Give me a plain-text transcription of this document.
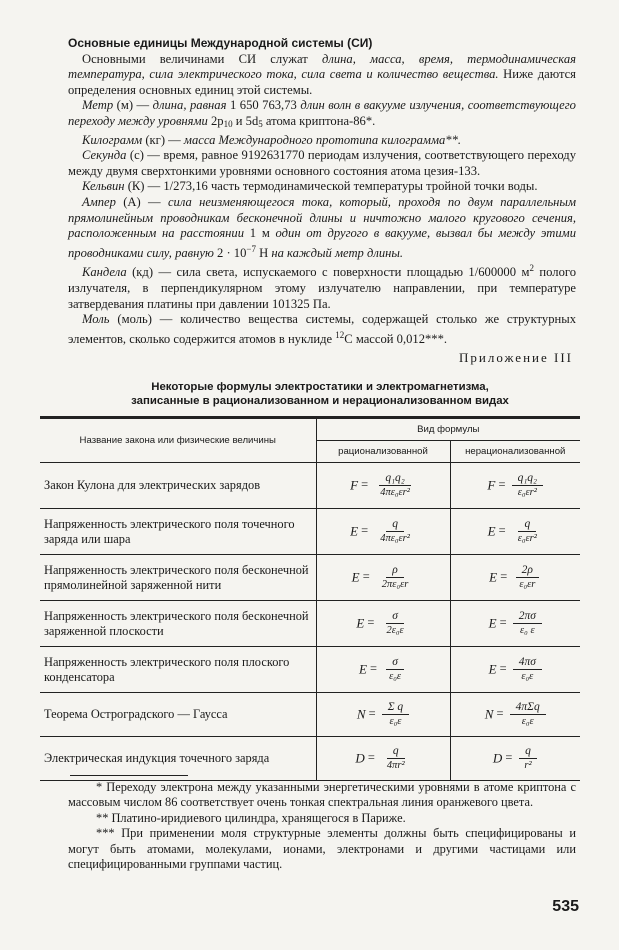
Основные единицы Международной системы (СИ)

Основными величинами СИ служат длина, масса, время, термодинамическая температура, сила электрического тока, сила света и количество вещества. Ниже даются определения основных единиц этой системы.

Метр (м) — длина, равная 1 650 763,73 длин волн в вакууме излучения, соответствующего переходу между уровнями $2p_{10}$ и $5d_5$ атома криптона-86*.

Килограмм (кг) — масса Международного прототипа килограмма**.

Секунда (с) — время, равное 9192631770 периодам излучения, соответствующего переходу между двумя сверхтонкими уровнями основного состояния атома цезия-133.

Кельвин (К) — 1/273,16 часть термодинамической температуры тройной точки воды.

Ампер (А) — сила неизменяющегося тока, который, проходя по двум параллельным прямолинейным проводникам бесконечной длины и ничтожно малого кругового сечения, расположенным на расстоянии 1 м один от другого в вакууме, вызвал бы между этими проводниками силу, равную $2 \cdot 10^{-7}$ Н на каждый метр длины.

Кандела (кд) — сила света, испускаемого с поверхности площадью 1/600000 $м^2$ полого излучателя, в перпендикулярном этому излучателю направлении, при температуре затвердевания платины при давлении 101325 Па.

Моль (моль) — количество вещества системы, содержащей столько же структурных элементов, сколько содержится атомов в нуклиде $^{12}$C массой 0,012***.

Приложение III
Некоторые формулы электростатики и электромагнетизма,
записанные в рационализованном и нерационализованном видах
Название закона или физические величины	Вид формулы	
	рационализованной	нерационализованной
Закон Кулона для электрических зарядов	$F = \frac{\text{q₁q₂}}{\text{4πε₀εr²}}$	$F = \frac{\text{q₁q₂}}{\text{ε₀εr²}}$

Напряженность электрического поля точечного заряда или шара	$E = \frac{q}{\text{4πε₀εr²}}$	$E = \frac{q}{\text{ε₀εr²}}$

Напряженность электрического поля бесконечной прямолинейной заряженной нити	$E = \frac{\rho}{\text{2πε₀εr}}$	$E = \frac{2\rho}{\text{ε₀εr}}$

Напряженность электрического поля бесконечной заряженной плоскости	$E = \frac{\sigma}{\text{2ε₀ε}}$	$E = \frac{2\pi\sigma}{\text{ε₀ ε}}$

Напряженность электрического поля плоского конденсатора	$E = \frac{\sigma}{\text{ε₀ε}}$	$E = \frac{4\pi\sigma}{\text{ε₀ε}}$

Теорема Остроградского — Гаусса	$N = \frac{\text{Σ q}}{\text{ε₀ε}}$	$N = \frac{\text{4πΣq}}{\text{ε₀ε}}$

Электрическая индукция точечного заряда	$D = \frac{q}{\text{4πr²}}$	$D = \frac{q}{\text{r²}}$

* Переходу электрона между указанными энергетическими уровнями в атоме криптона с массовым числом 86 соответствует очень тонкая спектральная линия оранжевого цвета.

** Платино-иридиевого цилиндра, хранящегося в Париже.

*** При применении моля структурные элементы должны быть специфицированы и могут быть атомами, молекулами, ионами, электронами и другими частицами или специфицированными группами частиц.

535
